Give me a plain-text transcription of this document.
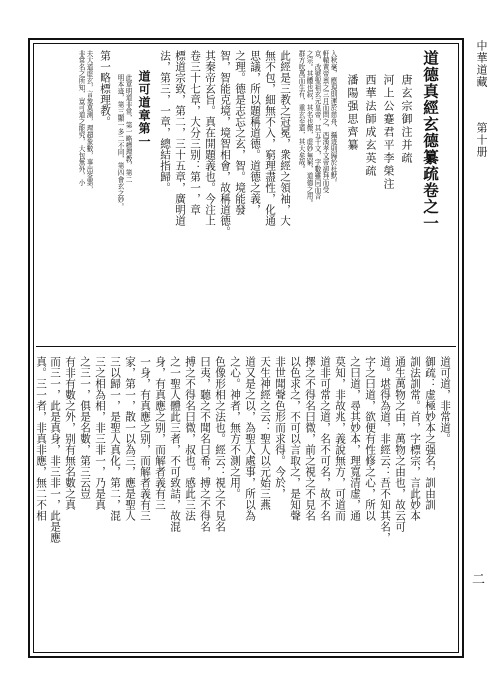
中華道藏  第十册
道德真經玄德纂疏卷之一
唐玄宗御注并疏
河上公蹇君平李榮注
西華法師成玄英疏
潘陽强思齊纂
入秋毫，應現則運於慈舟，攝迹則歸於杜默。
軒轅黄帝禀之三月而問之，西漢孝文帝卻拜而受
京，改號聖祖玄元皇帝，其五千文，字數雖同而音
之宗。其體也寂，其名也微，虚妙無窮，道德之用。
群方吹萬而生有，重玄至道，其大矣哉。
此經是三教之冠冕，衆經之領袖，大
無不包，細無不入，窮理盡性，化通
思議，所以題稱道德。道德之義，
之理。德是志忘之玄，智。境能發
智，智能克境，境智相會，故稱道德。
其秦帝玄旨。真在開題義也。今注上
卷三十七章，大分三别：第一，章
標道宗致，第二，三十五章，廣明道
法，第三，一章，總結指歸。
道可道章第一
此章明道非常，第一略標理教，第二
明本迹，第三顯一多二不同，第四會玄之妙。
第一略標理教。
夫大道虚玄，言象莫測，理超象數，事出筌罤，
非常名之所知，豈可道之能究，大包無外，小
道可道，非常道。
御疏：虚極妙本之强名，訓由訓
訓法訓常。首，字標宗，言此妙本
通生萬物之由，萬物之由也，故云可
道。堪得為道，非經云：吾不知其名，
字之曰道，欲便有性修之心，所以
之曰道，尋其妙本，理寬清虚，通
莫知，非故兆，義說無方，可道而
道非可常之道，名不可名，故不名
擇之不得名曰微，前之視之不見名
以色求之，不可以言取之，是知聲
非世聞聲色形而求得。今於，
天生神經之云：聖人以元始三燕
道又是之以，為聖人處事，所以為
之心。神者，無方不測之用。
色像形相之法也。經云：視之不見名
曰夷，聽之不聞名曰希，搏之不得名
搏之不得名曰微，叔也。感此三法
之一聖人體此三者，不可致詰，故混
身，有真應之别，而解者義有三
一身，有真應之别，而解者義有三
家，第一，散一以為三，應是聖人
三以歸一，是聖人真化，第二，混
三之相為相，非三非一，乃是真
之三一，俱是名數，第三云豈
有非有數之外，别有無名數之真
而三一，此是真身，非三非一，此是應
真。三一者，非真非應，無二不相
二
